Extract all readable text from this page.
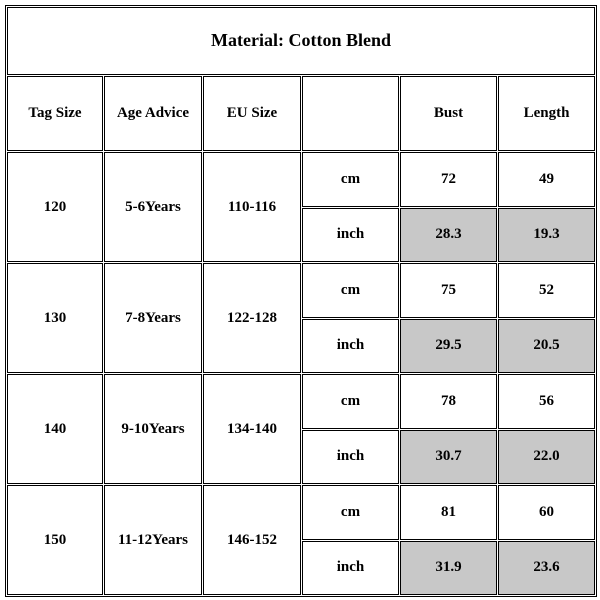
Material: Cotton Blend					
Tag Size	Age Advice	EU Size		Bust	Length
120	5-6Years	110-116	cm	72	49
			inch	28.3	19.3
130	7-8Years	122-128	cm	75	52
			inch	29.5	20.5
140	9-10Years	134-140	cm	78	56
			inch	30.7	22.0
150	11-12Years	146-152	cm	81	60
			inch	31.9	23.6
